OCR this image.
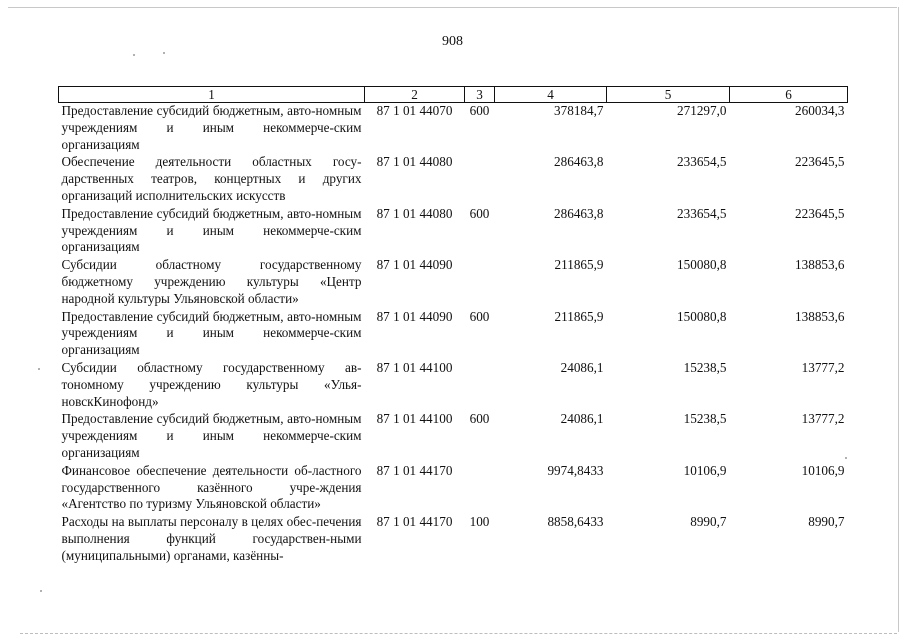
908
1	2	3	4	5	6
Предоставление субсидий бюджетным, авто-номным учреждениям и иным некоммерче-ским организациям	87 1 01 44070	600	378184,7	271297,0	260034,3
Обеспечение деятельности областных госу-дарственных театров, концертных и других организаций исполнительских искусств	87 1 01 44080		286463,8	233654,5	223645,5
Предоставление субсидий бюджетным, авто-номным учреждениям и иным некоммерче-ским организациям	87 1 01 44080	600	286463,8	233654,5	223645,5
Субсидии областному государственному бюджетному учреждению культуры «Центр народной культуры Ульяновской области»	87 1 01 44090		211865,9	150080,8	138853,6
Предоставление субсидий бюджетным, авто-номным учреждениям и иным некоммерче-ским организациям	87 1 01 44090	600	211865,9	150080,8	138853,6
Субсидии областному государственному ав-тономному учреждению культуры «Улья-новскКинофонд»	87 1 01 44100		24086,1	15238,5	13777,2
Предоставление субсидий бюджетным, авто-номным учреждениям и иным некоммерче-ским организациям	87 1 01 44100	600	24086,1	15238,5	13777,2
Финансовое обеспечение деятельности об-ластного государственного казённого учре-ждения «Агентство по туризму Ульяновской области»	87 1 01 44170		9974,8433	10106,9	10106,9
Расходы на выплаты персоналу в целях обес-печения выполнения функций государствен-ными (муниципальными) органами, казённы-	87 1 01 44170	100	8858,6433	8990,7	8990,7
